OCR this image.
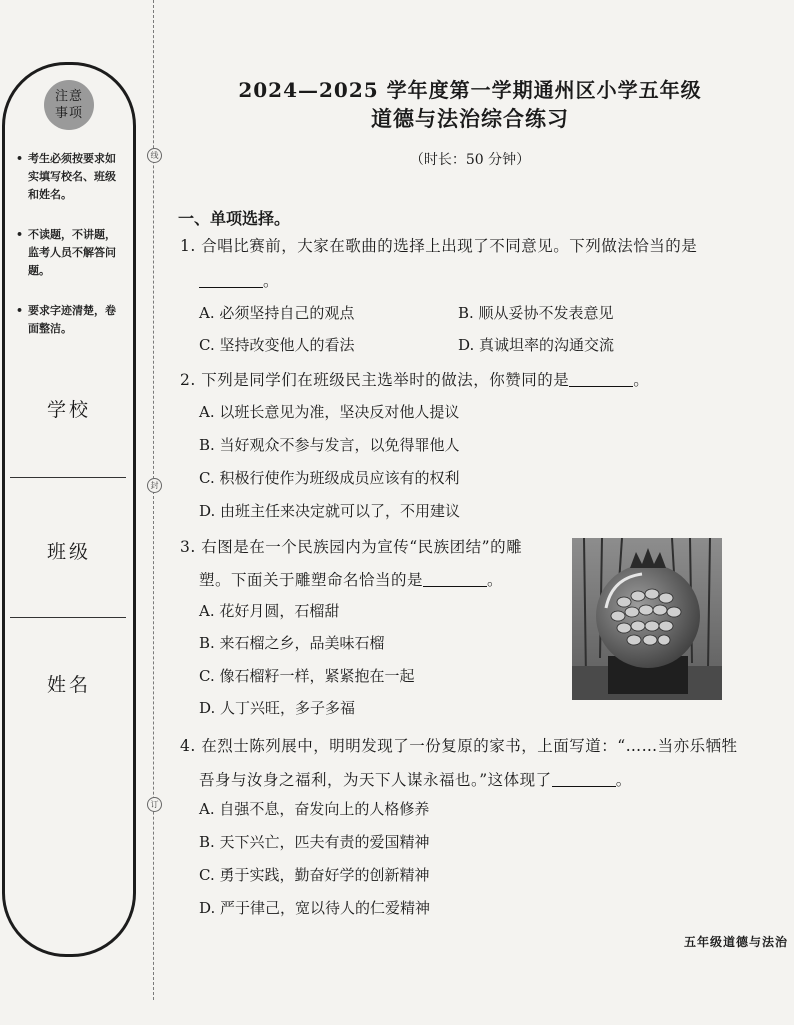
注意
事项
• 考生必须按要求如实填写校名、班级和姓名。
• 不读题，不讲题，监考人员不解答问题。
• 要求字迹清楚，卷面整洁。
学校
班级
姓名
线
封
订
2024—2025 学年度第一学期通州区小学五年级
道德与法治综合练习
（时长：50 分钟）
一、单项选择。
1. 合唱比赛前，大家在歌曲的选择上出现了不同意见。下列做法恰当的是
。
A. 必须坚持自己的观点	B. 顺从妥协不发表意见
C. 坚持改变他人的看法	D. 真诚坦率的沟通交流
2. 下列是同学们在班级民主选举时的做法，你赞同的是	。
A. 以班长意见为准，坚决反对他人提议
B. 当好观众不参与发言，以免得罪他人
C. 积极行使作为班级成员应该有的权利
D. 由班主任来决定就可以了，不用建议
3. 右图是在一个民族园内为宣传“民族团结”的雕
塑。下面关于雕塑命名恰当的是	。
A. 花好月圆，石榴甜
B. 来石榴之乡，品美味石榴
C. 像石榴籽一样，紧紧抱在一起
D. 人丁兴旺，多子多福
4. 在烈士陈列展中，明明发现了一份复原的家书，上面写道：“……当亦乐牺牲
吾身与汝身之福利，为天下人谋永福也。”这体现了	。
A. 自强不息，奋发向上的人格修养
B. 天下兴亡，匹夫有责的爱国精神
C. 勇于实践，勤奋好学的创新精神
D. 严于律己，宽以待人的仁爱精神
五年级道德与法治
